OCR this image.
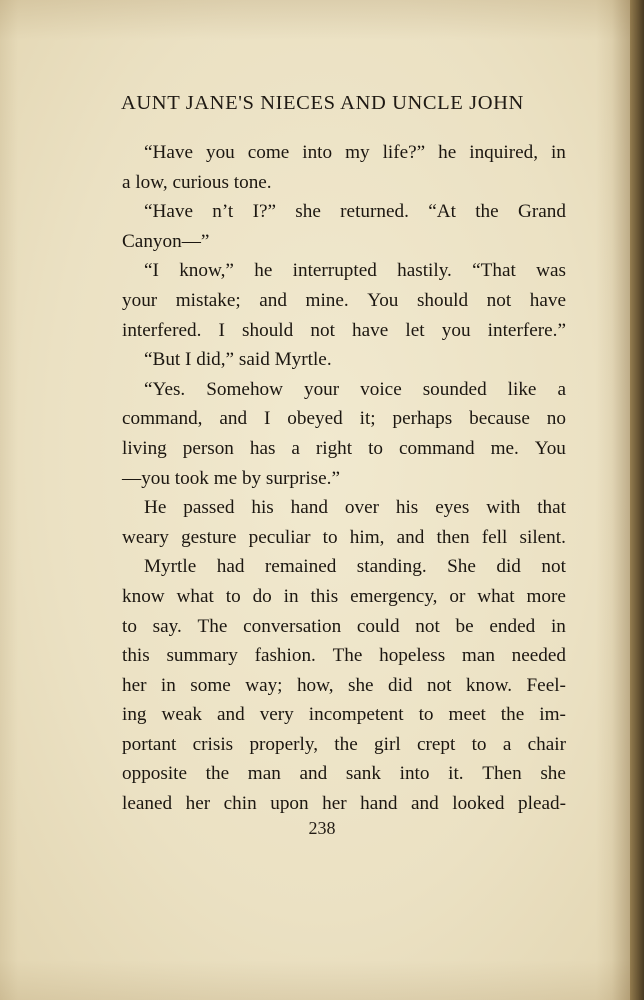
AUNT JANE'S NIECES AND UNCLE JOHN
“Have you come into my life?” he inquired, in
a
low,
curious
tone.
“Have n’t I?” she returned. “At the Grand
Canyon—”
“I know,” he interrupted hastily. “That was
your mistake; and mine. You should not have
interfered. I should not have let you interfere.”
“But
I
did,”
said
Myrtle.
“Yes. Somehow your voice sounded like a
command, and I obeyed it; perhaps because no
living person has a right to command me. You
—you
took
me
by
surprise.”
He passed his hand over his eyes with that
weary gesture peculiar to him, and then fell silent.
Myrtle had remained standing. She did not
know what to do in this emergency, or what more
to say. The conversation could not be ended in
this summary fashion. The hopeless man needed
her in some way; how, she did not know. Feel-
ing weak and very incompetent to meet the im-
portant crisis properly, the girl crept to a chair
opposite the man and sank into it. Then she
leaned her chin upon her hand and looked plead-
238
